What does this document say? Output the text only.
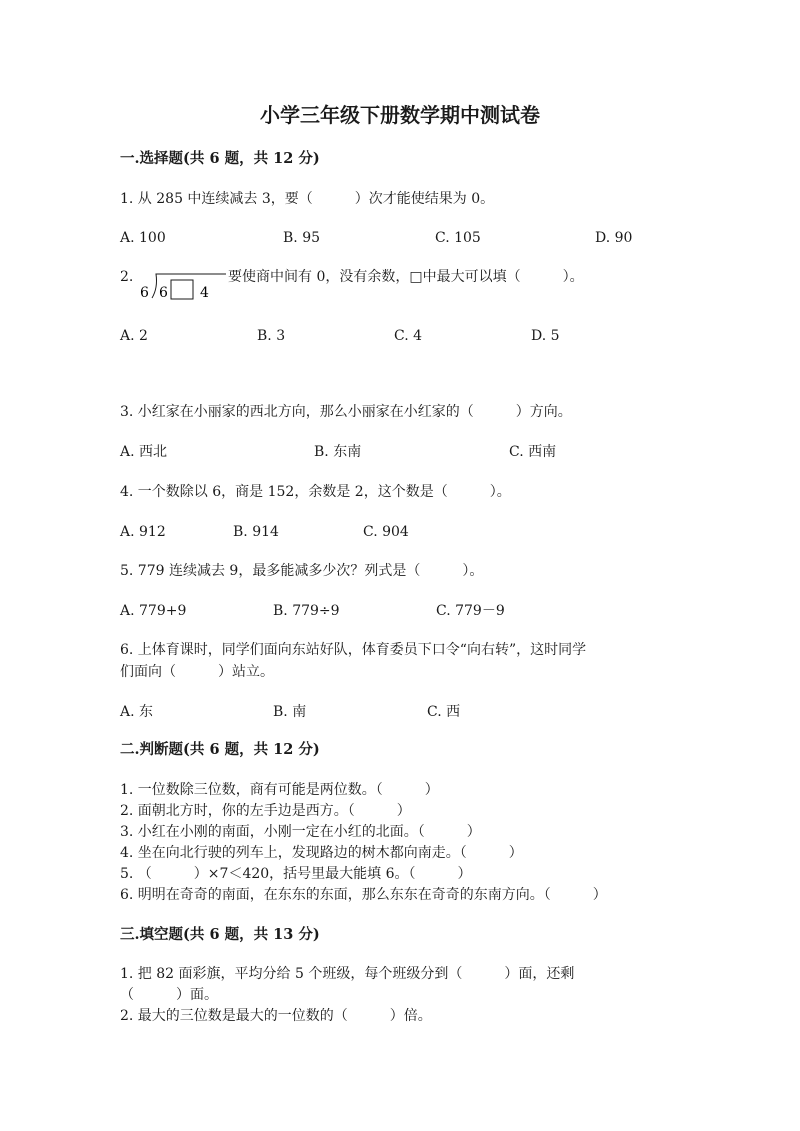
小学三年级下册数学期中测试卷
一.选择题(共 6 题，共 12 分)
1. 从 285 中连续减去 3，要（　　　）次才能使结果为 0。
A. 100	B. 95	C. 105	D. 90
2.
6 6 4
要使商中间有 0，没有余数，□中最大可以填（　　　）。
A. 2	B. 3	C. 4	D. 5
3. 小红家在小丽家的西北方向，那么小丽家在小红家的（　　　）方向。
A. 西北	B. 东南	C. 西南
4. 一个数除以 6，商是 152，余数是 2，这个数是（　　　）。
A. 912	B. 914	C. 904
5. 779 连续减去 9，最多能减多少次？列式是（　　　）。
A. 779+9	B. 779÷9	C. 779－9
6. 上体育课时，同学们面向东站好队，体育委员下口令“向右转”，这时同学
们面向（　　　）站立。
A. 东	B. 南	C. 西
二.判断题(共 6 题，共 12 分)
1. 一位数除三位数，商有可能是两位数。（　　　）
2. 面朝北方时，你的左手边是西方。（　　　）
3. 小红在小刚的南面，小刚一定在小红的北面。（　　　）
4. 坐在向北行驶的列车上，发现路边的树木都向南走。（　　　）
5. （　　　）×7＜420，括号里最大能填 6。（　　　）
6. 明明在奇奇的南面，在东东的东面，那么东东在奇奇的东南方向。（　　　）
三.填空题(共 6 题，共 13 分)
1. 把 82 面彩旗，平均分给 5 个班级，每个班级分到（　　　）面，还剩
（　　　）面。
2. 最大的三位数是最大的一位数的（　　　）倍。
